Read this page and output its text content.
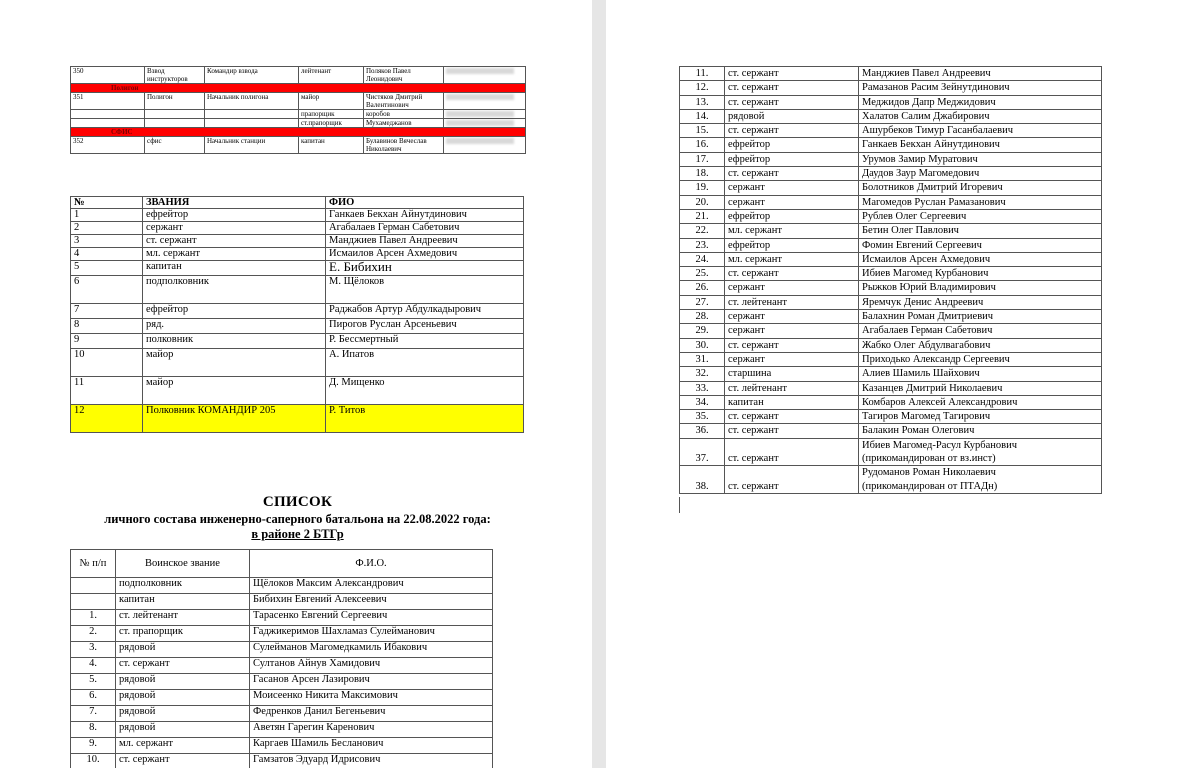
350	Взвод инструкторов	Командир взвода	лейтенант	Поляков Павел Леонидович	
Полигон					
351	Полигон	Начальник полигона	майор	Чистяков Дмитрий Валентинович	
			прапорщик	коробов	
			ст.прапорщик	Мухамеджанов	
СФИС					
352	сфис	Начальник станции	капитан	Булавинов Вячеслав Николаевич	
№	ЗВАНИЯ	ФИО
1	ефрейтор	Ганкаев Бекхан Айнутдинович
2	сержант	Агабалаев Герман Сабетович
3	ст. сержант	Манджиев Павел Андреевич
4	мл. сержант	Исмаилов Арсен Ахмедович
5	капитан	Е. Бибихин
6	подполковник	М. Щёлоков
7	ефрейтор	Раджабов Артур Абдулкадырович
8	ряд.	Пирогов Руслан Арсеньевич
9	полковник	Р. Бессмертный
10	майор	А. Ипатов
11	майор	Д. Мищенко
12	Полковник КОМАНДИР 205	Р. Титов
СПИСОК
личного состава инженерно-саперного батальона на 22.08.2022 года:
в районе 2 БТГр
№ п/п	Воинское звание	Ф.И.О.
	подполковник	Щёлоков Максим Александрович
	капитан	Бибихин Евгений Алексеевич
1.	ст. лейтенант	Тарасенко Евгений Сергеевич
2.	ст. прапорщик	Гаджикеримов Шахламаз Сулейманович
3.	рядовой	Сулейманов Магомедкамиль Ибакович
4.	ст. сержант	Султанов Айнув Хамидович
5.	рядовой	Гасанов Арсен Лазирович
6.	рядовой	Моисеенко Никита Максимович
7.	рядовой	Федренков Данил Бегеньевич
8.	рядовой	Аветян Гарегин Каренович
9.	мл. сержант	Каргаев Шамиль Бесланович
10.	ст. сержант	Гамзатов Эдуард Идрисович
11.	ст. сержант	Манджиев Павел Андреевич
12.	ст. сержант	Рамазанов Расим Зейнутдинович
13.	ст. сержант	Меджидов Дапр Меджидович
14.	рядовой	Халатов Салим Джабирович
15.	ст. сержант	Ашурбеков Тимур Гасанбалаевич
16.	ефрейтор	Ганкаев Бекхан Айнутдинович
17.	ефрейтор	Урумов Замир Муратович
18.	ст. сержант	Даудов Заур Магомедович
19.	сержант	Болотников Дмитрий Игоревич
20.	сержант	Магомедов Руслан Рамазанович
21.	ефрейтор	Рублев Олег Сергеевич
22.	мл. сержант	Бетин Олег Павлович
23.	ефрейтор	Фомин Евгений Сергеевич
24.	мл. сержант	Исмаилов Арсен Ахмедович
25.	ст. сержант	Ибиев Магомед Курбанович
26.	сержант	Рыжков Юрий Владимирович
27.	ст. лейтенант	Яремчук Денис Андреевич
28.	сержант	Балахнин Роман Дмитриевич
29.	сержант	Агабалаев Герман Сабетович
30.	ст. сержант	Жабко Олег Абдулвагабович
31.	сержант	Приходько Александр Сергеевич
32.	старшина	Алиев Шамиль Шайхович
33.	ст. лейтенант	Казанцев Дмитрий Николаевич
34.	капитан	Комбаров Алексей Александрович
35.	ст. сержант	Тагиров Магомед Тагирович
36.	ст. сержант	Балакин Роман Олегович
37.	ст. сержант	Ибиев Магомед-Расул Курбанович
(прикомандирован от вз.инст)

38.	ст. сержант	Рудоманов Роман Николаевич
(прикомандирован от ПТАДн)
